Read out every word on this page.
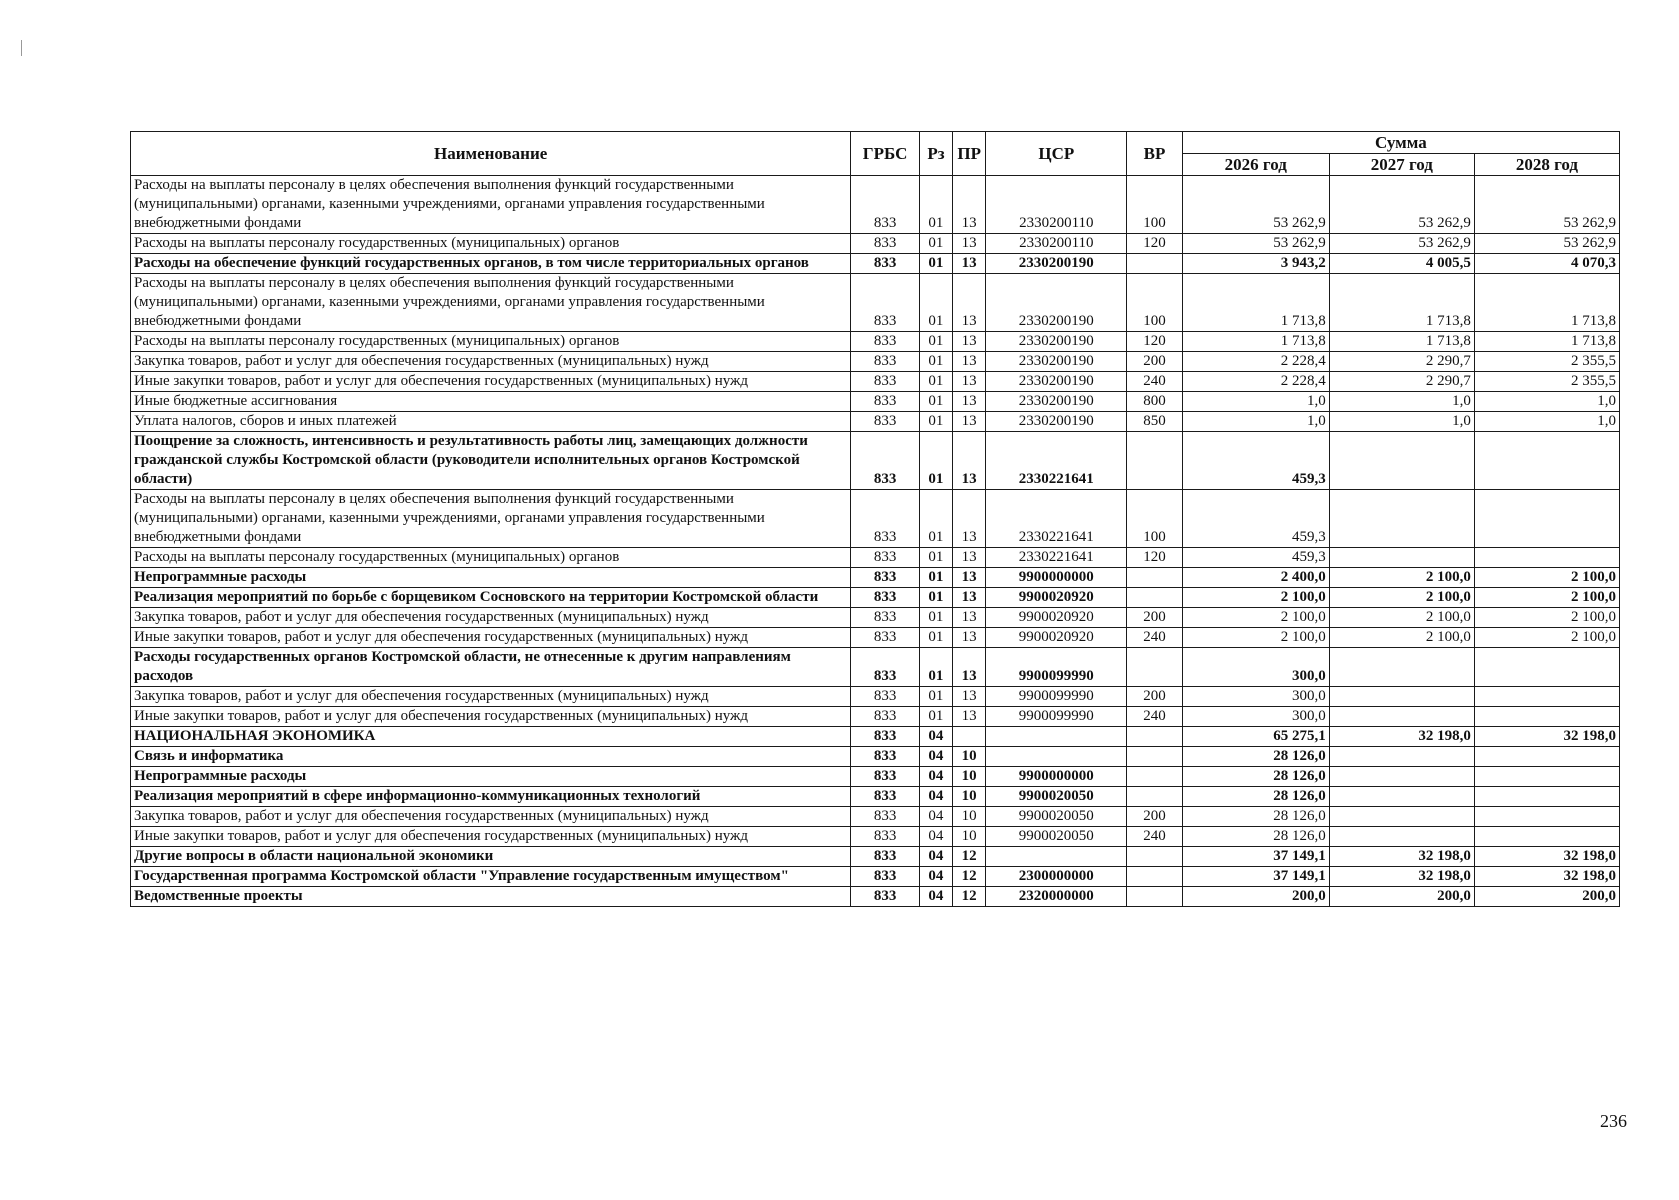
Наименование	ГРБС	Рз	ПР	ЦСР	ВР	Сумма		
						2026 год	2027 год	2028 год
Расходы на выплаты персоналу в целях обеспечения выполнения функций государственными (муниципальными) органами, казенными учреждениями, органами управления государственными внебюджетными фондами	833	01	13	2330200110	100	53 262,9	53 262,9	53 262,9
Расходы на выплаты персоналу государственных (муниципальных) органов	833	01	13	2330200110	120	53 262,9	53 262,9	53 262,9
Расходы на обеспечение функций государственных органов, в том числе территориальных органов	833	01	13	2330200190		3 943,2	4 005,5	4 070,3
Расходы на выплаты персоналу в целях обеспечения выполнения функций государственными (муниципальными) органами, казенными учреждениями, органами управления государственными внебюджетными фондами	833	01	13	2330200190	100	1 713,8	1 713,8	1 713,8
Расходы на выплаты персоналу государственных (муниципальных) органов	833	01	13	2330200190	120	1 713,8	1 713,8	1 713,8
Закупка товаров, работ и услуг для обеспечения государственных (муниципальных) нужд	833	01	13	2330200190	200	2 228,4	2 290,7	2 355,5
Иные закупки товаров, работ и услуг для обеспечения государственных (муниципальных) нужд	833	01	13	2330200190	240	2 228,4	2 290,7	2 355,5
Иные бюджетные ассигнования	833	01	13	2330200190	800	1,0	1,0	1,0
Уплата налогов, сборов и иных платежей	833	01	13	2330200190	850	1,0	1,0	1,0
Поощрение за сложность, интенсивность и результативность работы лиц, замещающих должности гражданской службы Костромской области (руководители исполнительных органов Костромской области)	833	01	13	2330221641		459,3		
Расходы на выплаты персоналу в целях обеспечения выполнения функций государственными (муниципальными) органами, казенными учреждениями, органами управления государственными внебюджетными фондами	833	01	13	2330221641	100	459,3		
Расходы на выплаты персоналу государственных (муниципальных) органов	833	01	13	2330221641	120	459,3		
Непрограммные расходы	833	01	13	9900000000		2 400,0	2 100,0	2 100,0
Реализация мероприятий по борьбе с борщевиком Сосновского на территории Костромской области	833	01	13	9900020920		2 100,0	2 100,0	2 100,0
Закупка товаров, работ и услуг для обеспечения государственных (муниципальных) нужд	833	01	13	9900020920	200	2 100,0	2 100,0	2 100,0
Иные закупки товаров, работ и услуг для обеспечения государственных (муниципальных) нужд	833	01	13	9900020920	240	2 100,0	2 100,0	2 100,0
Расходы государственных органов Костромской области, не отнесенные к другим направлениям расходов	833	01	13	9900099990		300,0		
Закупка товаров, работ и услуг для обеспечения государственных (муниципальных) нужд	833	01	13	9900099990	200	300,0		
Иные закупки товаров, работ и услуг для обеспечения государственных (муниципальных) нужд	833	01	13	9900099990	240	300,0		
НАЦИОНАЛЬНАЯ ЭКОНОМИКА	833	04				65 275,1	32 198,0	32 198,0
Связь и информатика	833	04	10			28 126,0		
Непрограммные расходы	833	04	10	9900000000		28 126,0		
Реализация мероприятий в сфере информационно-коммуникационных технологий	833	04	10	9900020050		28 126,0		
Закупка товаров, работ и услуг для обеспечения государственных (муниципальных) нужд	833	04	10	9900020050	200	28 126,0		
Иные закупки товаров, работ и услуг для обеспечения государственных (муниципальных) нужд	833	04	10	9900020050	240	28 126,0		
Другие вопросы в области национальной экономики	833	04	12			37 149,1	32 198,0	32 198,0
Государственная программа Костромской области "Управление государственным имуществом"	833	04	12	2300000000		37 149,1	32 198,0	32 198,0
Ведомственные проекты	833	04	12	2320000000		200,0	200,0	200,0
236
